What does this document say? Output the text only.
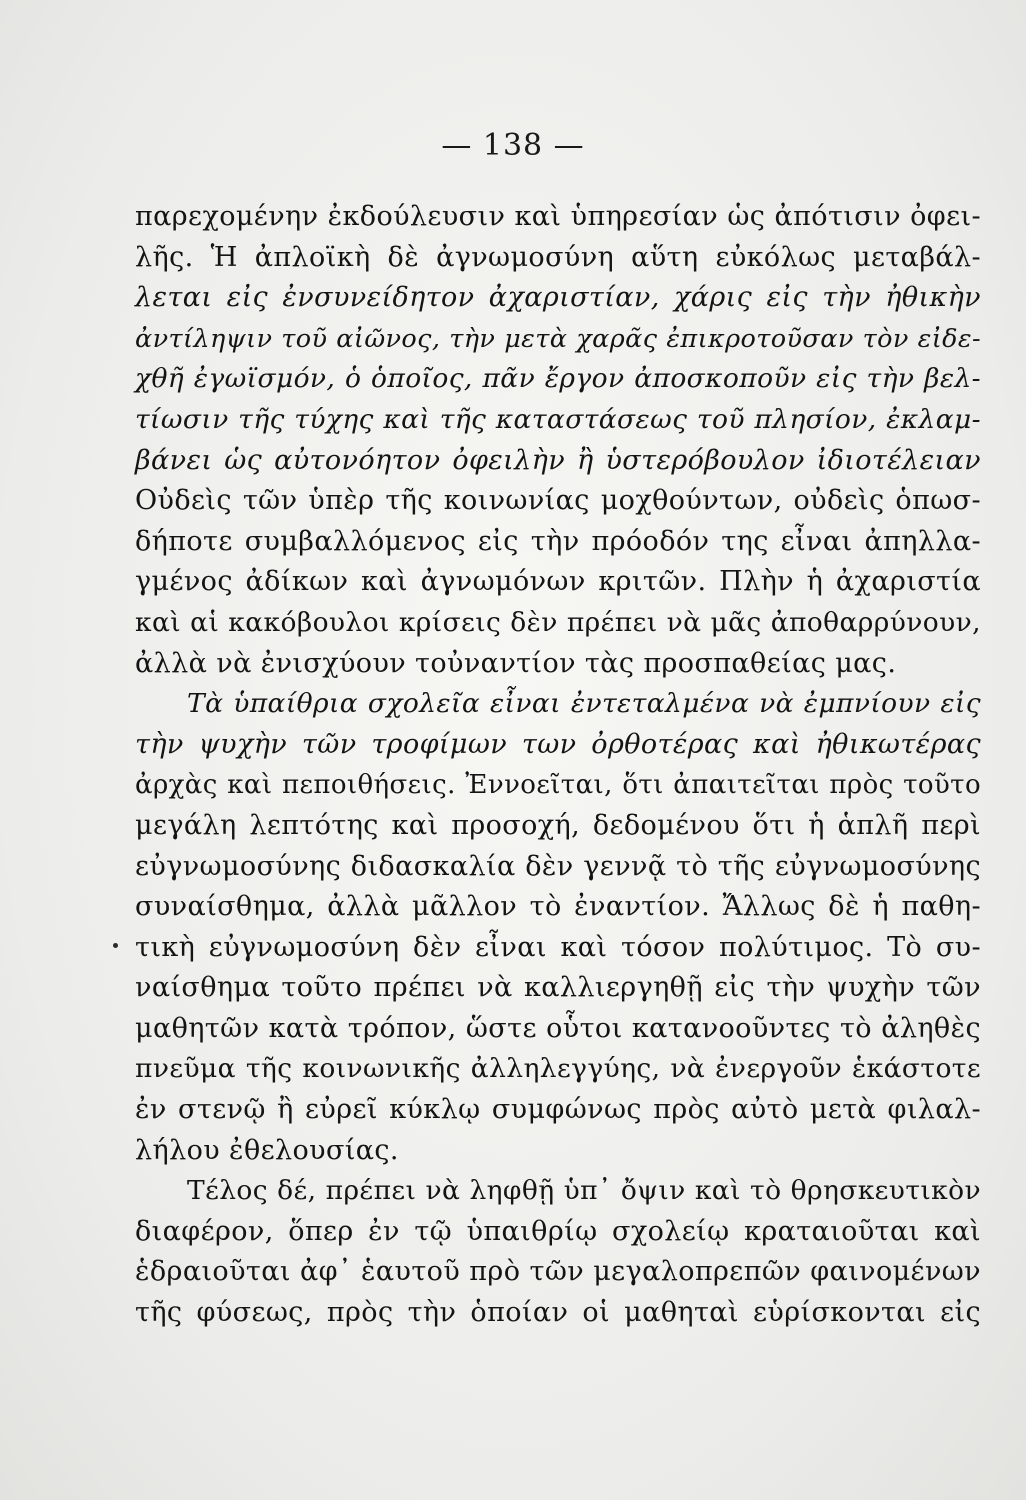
— 138 —
παρεχομένην ἐκδούλευσιν καὶ ὑπηρεσίαν ὡς ἀπότισιν ὀφει-
λῆς. Ἡ ἀπλοϊκὴ δὲ ἀγνωμοσύνη αὕτη εὐκόλως μεταβάλ-
λεται εἰς ἐνσυνείδητον ἀχαριστίαν, χάρις εἰς τὴν ἠθικὴν
ἀντίληψιν τοῦ αἰῶνος, τὴν μετὰ χαρᾶς ἐπικροτοῦσαν τὸν εἰδε-
χθῆ ἐγωϊσμόν, ὁ ὁποῖος, πᾶν ἔργον ἀποσκοποῦν εἰς τὴν βελ-
τίωσιν τῆς τύχης καὶ τῆς καταστάσεως τοῦ πλησίον, ἐκλαμ-
βάνει ὡς αὐτονόητον ὀφειλὴν ἢ ὑστερόβουλον ἰδιοτέλειαν
Οὐδεὶς τῶν ὑπὲρ τῆς κοινωνίας μοχθούντων, οὐδεὶς ὁπωσ-
δήποτε συμβαλλόμενος εἰς τὴν πρόοδόν της εἶναι ἀπηλλα-
γμένος ἀδίκων καὶ ἀγνωμόνων κριτῶν. Πλὴν ἡ ἀχαριστία
καὶ αἱ κακόβουλοι κρίσεις δὲν πρέπει νὰ μᾶς ἀποθαρρύνουν,
ἀλλὰ νὰ ἐνισχύουν τοὐναντίον τὰς προσπαθείας μας.
Τὰ ὑπαίθρια σχολεῖα εἶναι ἐντεταλμένα νὰ ἐμπνίουν εἰς
τὴν ψυχὴν τῶν τροφίμων των ὀρθοτέρας καὶ ἠθικωτέρας
ἀρχὰς καὶ πεποιθήσεις. Ἐννοεῖται, ὅτι ἀπαιτεῖται πρὸς τοῦτο
μεγάλη λεπτότης καὶ προσοχή, δεδομένου ὅτι ἡ ἁπλῆ περὶ
εὐγνωμοσύνης διδασκαλία δὲν γεννᾷ τὸ τῆς εὐγνωμοσύνης
συναίσθημα, ἀλλὰ μᾶλλον τὸ ἐναντίον. Ἄλλως δὲ ἡ παθη-
τικὴ εὐγνωμοσύνη δὲν εἶναι καὶ τόσον πολύτιμος. Τὸ συ-
ναίσθημα τοῦτο πρέπει νὰ καλλιεργηθῇ εἰς τὴν ψυχὴν τῶν
μαθητῶν κατὰ τρόπον, ὥστε οὗτοι κατανοοῦντες τὸ ἀληθὲς
πνεῦμα τῆς κοινωνικῆς ἀλληλεγγύης, νὰ ἐνεργοῦν ἑκάστοτε
ἐν στενῷ ἢ εὐρεῖ κύκλῳ συμφώνως πρὸς αὐτὸ μετὰ φιλαλ-
λήλου ἐθελουσίας.
Τέλος δέ, πρέπει νὰ ληφθῇ ὑπ᾽ ὄψιν καὶ τὸ θρησκευτικὸν
διαφέρον, ὅπερ ἐν τῷ ὑπαιθρίῳ σχολείῳ κραταιοῦται καὶ
ἑδραιοῦται ἀφ᾽ ἑαυτοῦ πρὸ τῶν μεγαλοπρεπῶν φαινομένων
τῆς φύσεως, πρὸς τὴν ὁποίαν οἱ μαθηταὶ εὑρίσκονται εἰς
